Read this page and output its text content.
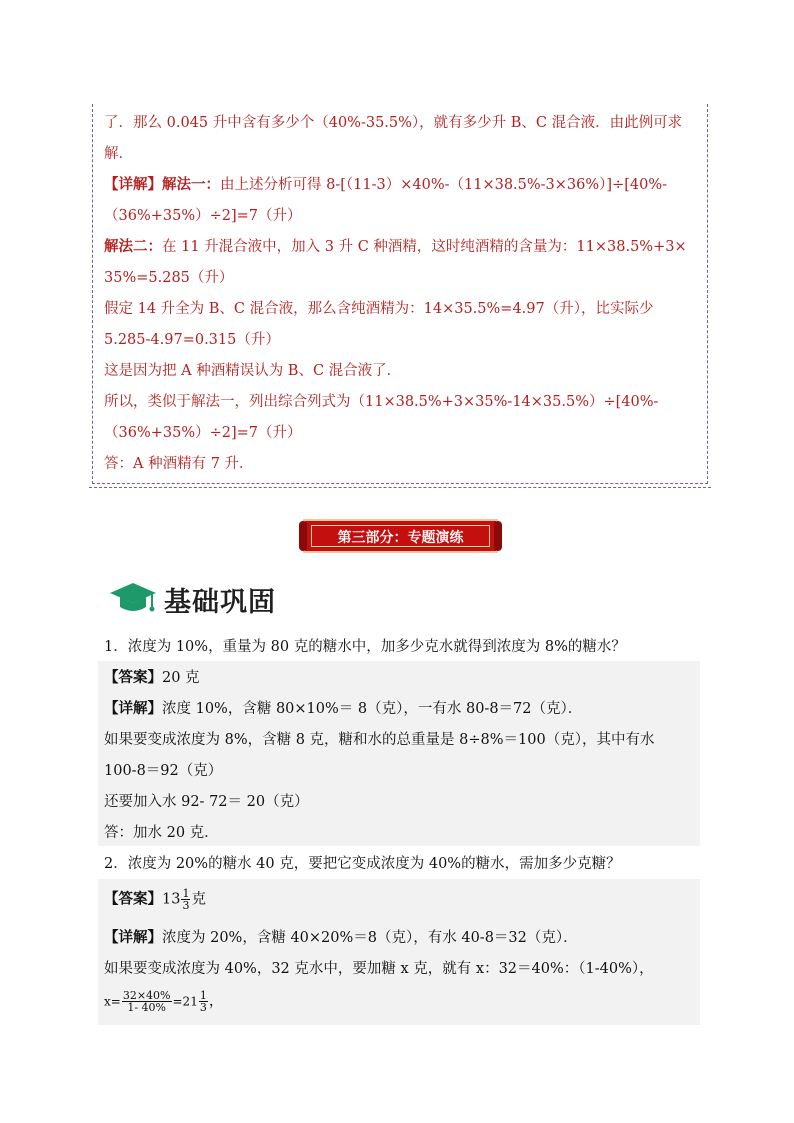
了．那么 0.045 升中含有多少个（40%-35.5%），就有多少升 B、C 混合液．由此例可求
解．
【详解】解法一：由上述分析可得 8-[（11-3）×40%-（11×38.5%-3×36%）]÷[40%-
（36%+35%）÷2]=7（升）
解法二：在 11 升混合液中，加入 3 升 C 种酒精，这时纯酒精的含量为：11×38.5%+3×
35%=5.285（升）
假定 14 升全为 B、C 混合液，那么含纯酒精为：14×35.5%=4.97（升），比实际少
5.285-4.97=0.315（升）
这是因为把 A 种酒精误认为 B、C 混合液了．
所以，类似于解法一，列出综合列式为（11×38.5%+3×35%-14×35.5%）÷[40%-
（36%+35%）÷2]=7（升）
答：A 种酒精有 7 升．
第三部分：专题演练
基础巩固
1．浓度为 10%，重量为 80 克的糖水中，加多少克水就得到浓度为 8%的糖水？
【答案】20 克
【详解】浓度 10%，含糖 80×10%＝ 8（克），一有水 80-8＝72（克）．
如果要变成浓度为 8%，含糖 8 克，糖和水的总重量是 8÷8%＝100（克），其中有水
100-8＝92（克）
还要加入水 92- 72＝ 20（克）
答：加水 20 克．
2．浓度为 20%的糖水 40 克，要把它变成浓度为 40%的糖水，需加多少克糖？
【答案】$13 \frac{1}{3}$ 克
【详解】浓度为 20%，含糖 40×20%＝8（克），有水 40-8＝32（克）．
如果要变成浓度为 40%，32 克水中，要加糖 x 克，就有 x：32＝40%：（1-40%），
$x= \frac{32\times 40\%}{1- 40\%} =21 \frac{1}{3}$ ，
